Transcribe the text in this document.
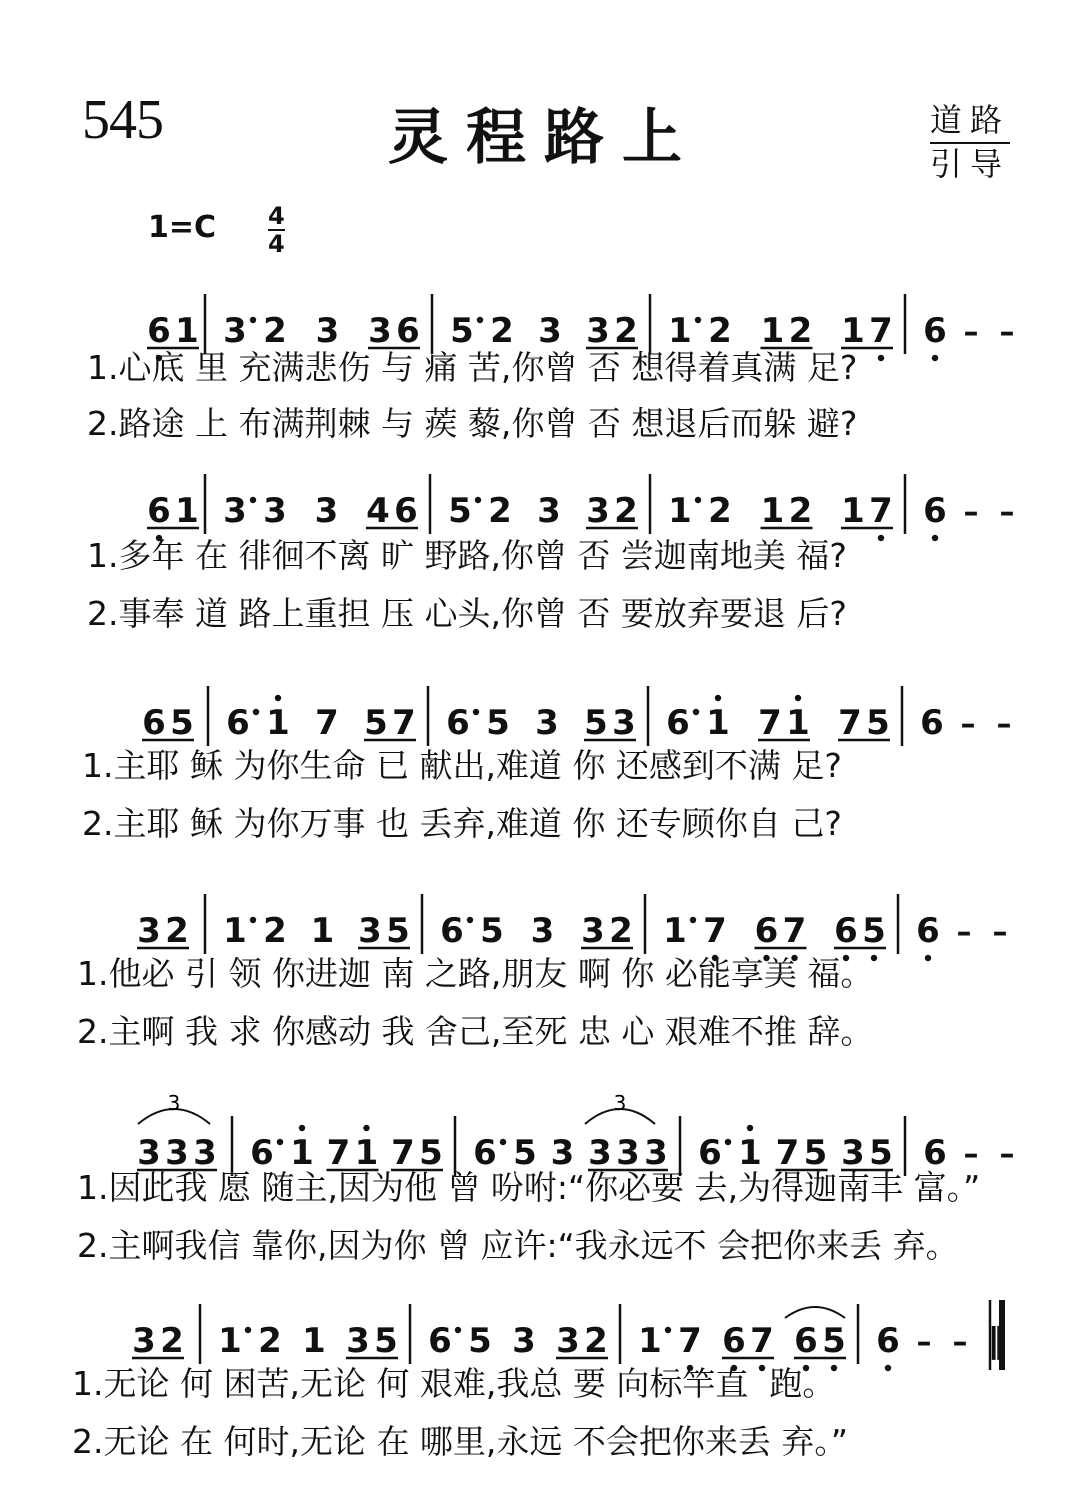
545	灵程路上	道路
引导
1=C 4
4
6 1 3 2 3 3 6 5 2 3 3 2 1 2 1 2 1 7 6 – –
6 1 3 3 3 4 6 5 2 3 3 2 1 2 1 2 1 7 6 – –
6 5 6 1 7 5 7 6 5 3 5 3 6 1 7 1 7 5 6 – –
3 2 1 2 1 3 5 6 5 3 3 2 1 7 6 7 6 5 6 – –
3 3 3 6 1 7 1 7 5 6 5 3 3 3 3 6 1 7 5 3 5 6 – –
3 2 1 2 1 3 5 6 5 3 3 2 1 7 6 7 6 5 6 – – ‖
3	3
1.心底 里 充满悲伤 与 痛 苦,你曾 否 想得着真满 足?
2.路途 上 布满荆棘 与 蒺 藜,你曾 否 想退后而躲 避?
1.多年 在 徘徊不离 旷 野路,你曾 否 尝迦南地美 福?
2.事奉 道 路上重担 压 心头,你曾 否 要放弃要退 后?
1.主耶 稣 为你生命 已 献出,难道 你 还感到不满 足?
2.主耶 稣 为你万事 也 丢弃,难道 你 还专顾你自 己?
1.他必 引 领 你进迦 南 之路,朋友 啊 你 必能享美 福。
2.主啊 我 求 你感动 我 舍己,至死 忠 心 艰难不推 辞。
1.因此我 愿 随主,因为他 曾 吩咐:“你必要 去,为得迦南丰 富。”
2.主啊我信 靠你,因为你 曾 应许:“我永远不 会把你来丢 弃。
1.无论 何 困苦,无论 何 艰难,我总 要 向标竿直  跑。
2.无论 在 何时,无论 在 哪里,永远 不会把你来丢 弃。”
